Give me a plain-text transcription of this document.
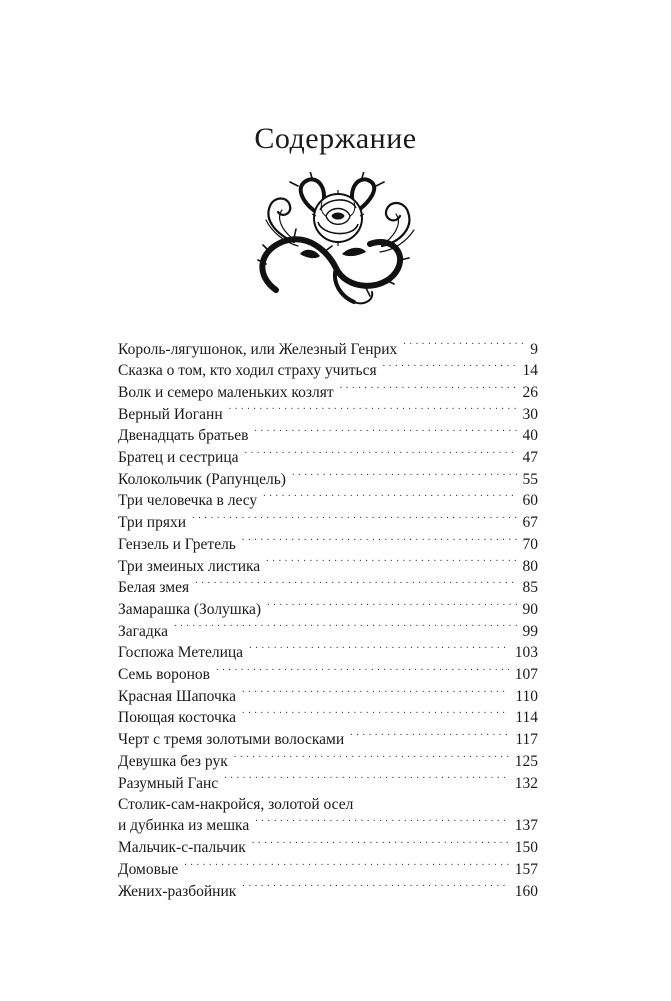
Содержание
Король-лягушонок, или Железный Генрих . . .	9
Сказка о том, кто ходил страху учиться . . .	14
Волк и семеро маленьких козлят . . .	26
Верный Иоганн . . .	30
Двенадцать братьев . . .	40
Братец и сестрица . . .	47
Колокольчик (Рапунцель) . . .	55
Три человечка в лесу . . .	60
Три пряхи . . .	67
Гензель и Гретель . . .	70
Три змеиных листика . . .	80
Белая змея . . .	85
Замарашка (Золушка) . . .	90
Загадка . . .	99
Госпожа Метелица . . .	103
Семь воронов . . .	107
Красная Шапочка . . .	110
Поющая косточка . . .	114
Черт с тремя золотыми волосками . . .	117
Девушка без рук . . .	125
Разумный Ганс . . .	132
Столик-сам-накройся, золотой осел
и дубинка из мешка . . .	137
Мальчик-с-пальчик . . .	150
Домовые . . .	157
Жених-разбойник . . .	160
